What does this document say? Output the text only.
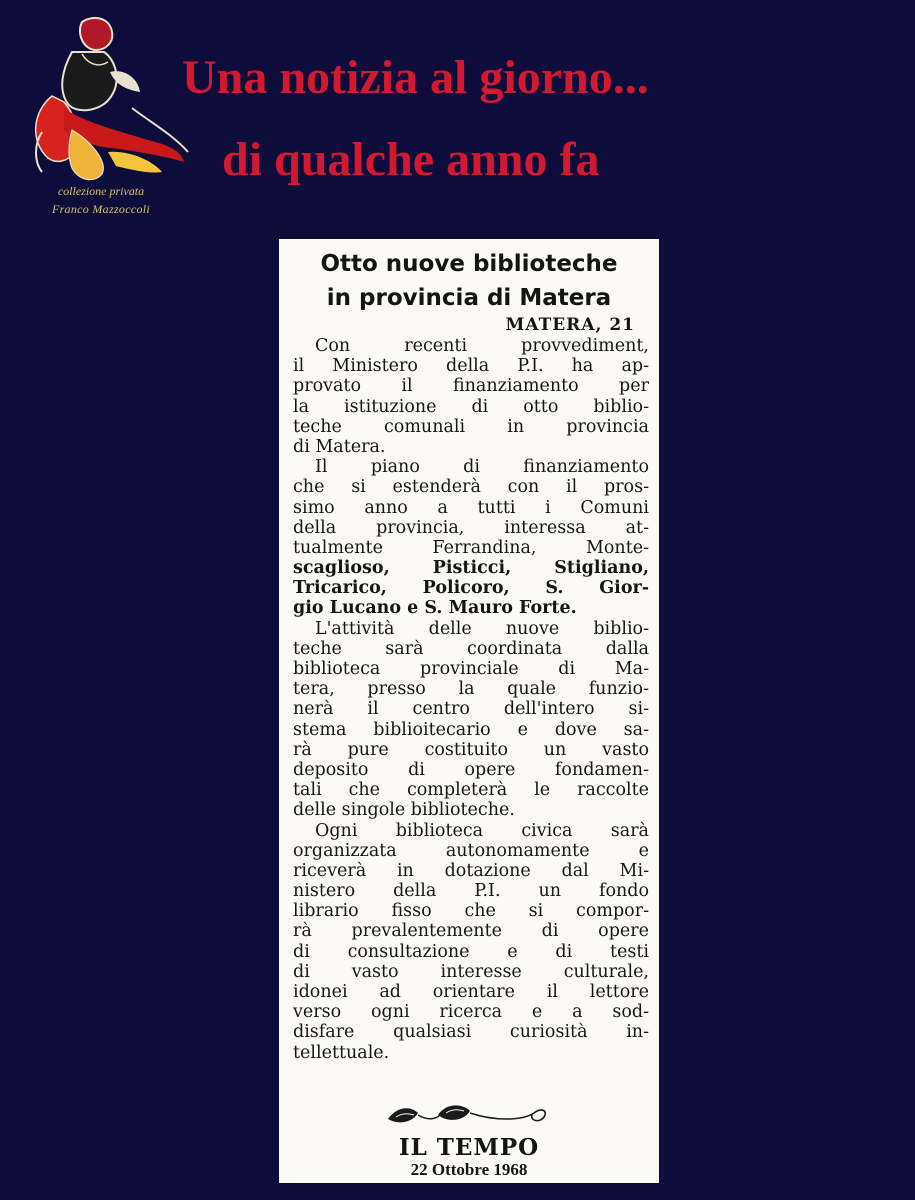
collezione privata
Franco Mazzoccoli
Una notizia al giorno...
di qualche anno fa
Otto nuove biblioteche
in provincia di Matera
MATERA, 21
Con recenti provvediment,
il Ministero della P.I. ha ap-
provato il finanziamento per
la istituzione di otto biblio-
teche comunali in provincia
di Matera.
Il piano di finanziamento
che si estenderà con il pros-
simo anno a tutti i Comuni
della provincia, interessa at-
tualmente Ferrandina, Monte-
scaglioso, Pisticci, Stigliano,
Tricarico, Policoro, S. Gior-
gio Lucano e S. Mauro Forte.
L'attività delle nuove biblio-
teche sarà coordinata dalla
biblioteca provinciale di Ma-
tera, presso la quale funzio-
nerà il centro dell'intero si-
stema biblioitecario e dove sa-
rà pure costituito un vasto
deposito di opere fondamen-
tali che completerà le raccolte
delle singole biblioteche.
Ogni biblioteca civica sarà
organizzata autonomamente e
riceverà in dotazione dal Mi-
nistero della P.I. un fondo
librario fisso che si compor-
rà prevalentemente di opere
di consultazione e di testi
di vasto interesse culturale,
idonei ad orientare il lettore
verso ogni ricerca e a sod-
disfare qualsiasi curiosità in-
tellettuale.
IL TEMPO
22 Ottobre 1968
